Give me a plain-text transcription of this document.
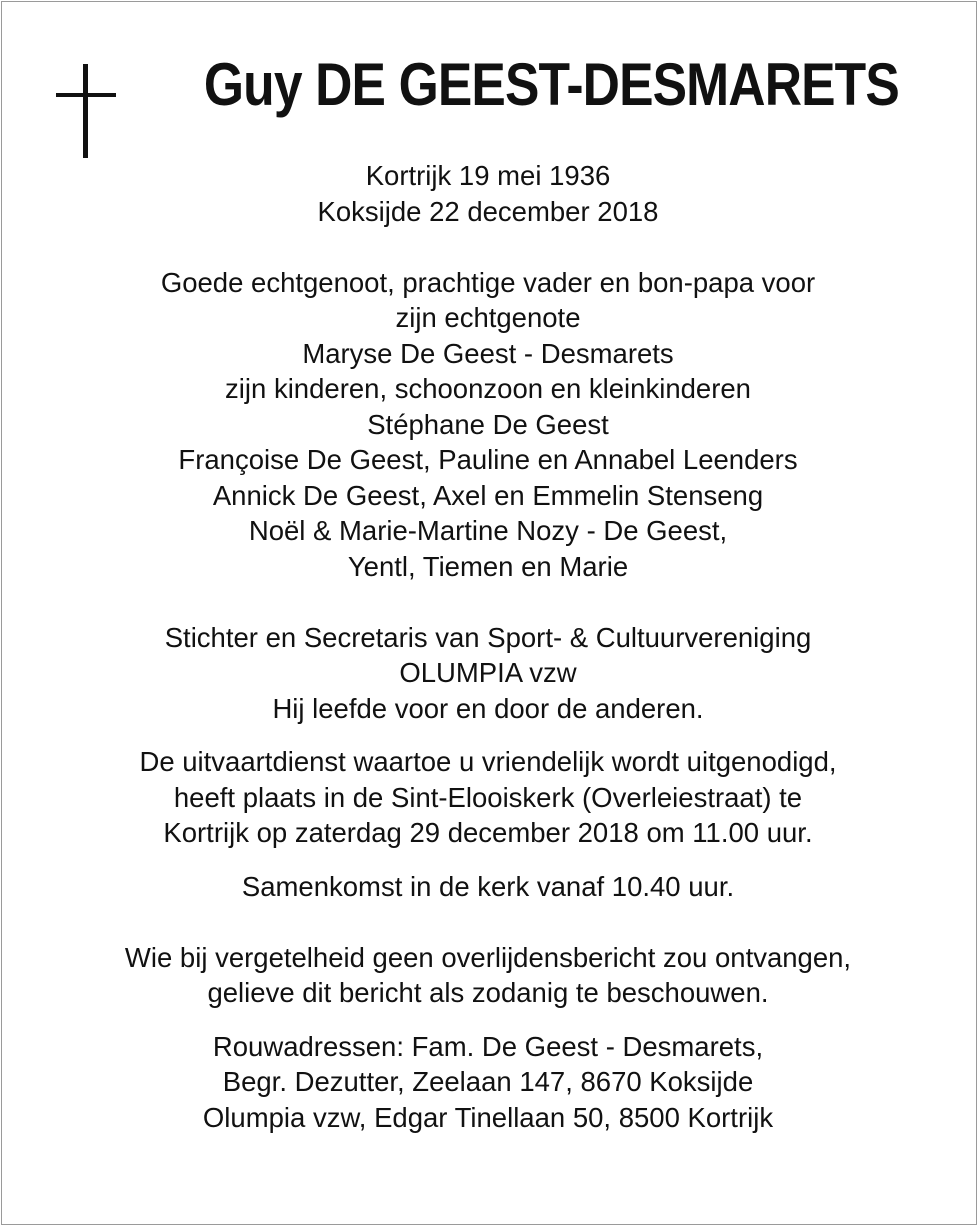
Guy DE GEEST-DESMARETS

Kortrijk 19 mei 1936

Koksijde 22 december 2018

Goede echtgenoot, prachtige vader en bon-papa voor

zijn echtgenote

Maryse De Geest - Desmarets

zijn kinderen, schoonzoon en kleinkinderen

Stéphane De Geest

Françoise De Geest, Pauline en Annabel Leenders

Annick De Geest, Axel en Emmelin Stenseng

Noël & Marie-Martine Nozy - De Geest,

Yentl, Tiemen en Marie

Stichter en Secretaris van Sport- & Cultuurvereniging

OLUMPIA vzw

Hij leefde voor en door de anderen.

De uitvaartdienst waartoe u vriendelijk wordt uitgenodigd,

heeft plaats in de Sint-Elooiskerk (Overleiestraat) te

Kortrijk op zaterdag 29 december 2018 om 11.00 uur.

Samenkomst in de kerk vanaf 10.40 uur.

Wie bij vergetelheid geen overlijdensbericht zou ontvangen,

gelieve dit bericht als zodanig te beschouwen.

Rouwadressen: Fam. De Geest - Desmarets,

Begr. Dezutter, Zeelaan 147, 8670 Koksijde

Olumpia vzw, Edgar Tinellaan 50, 8500 Kortrijk
